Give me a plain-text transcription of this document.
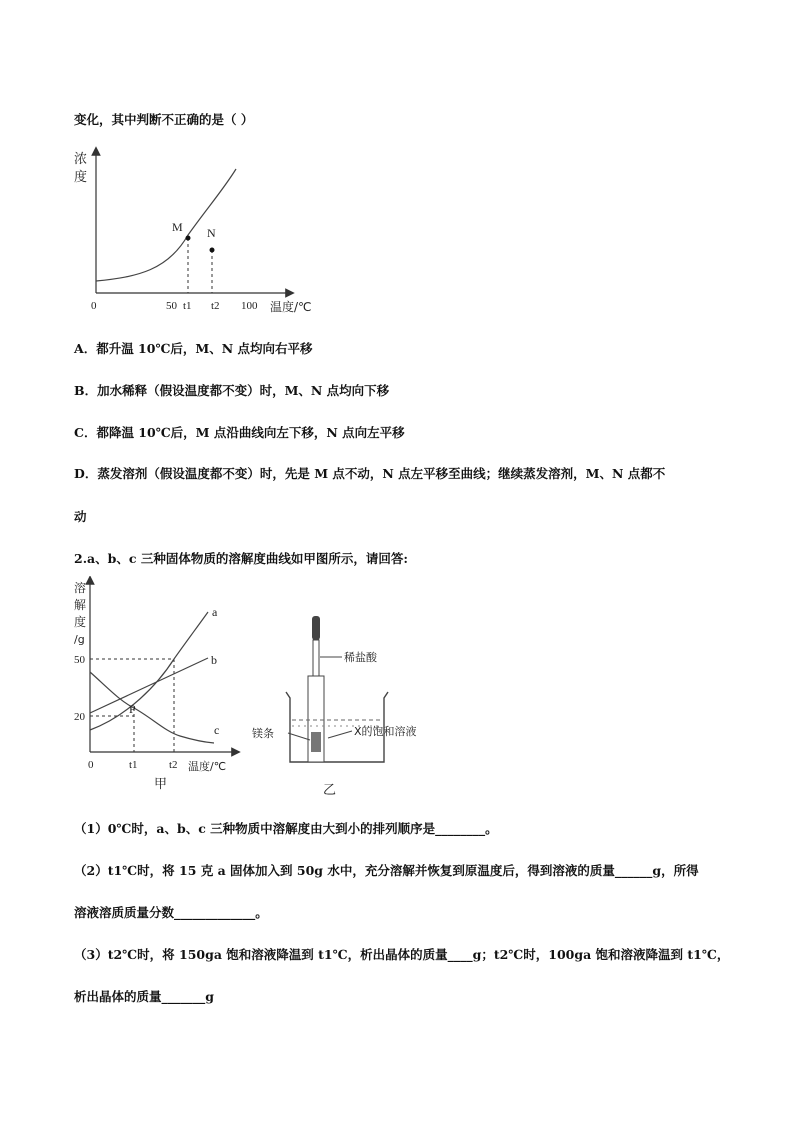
变化，其中判断不正确的是（ ）
浓
度
M N
0	50 t1 t2 100 温度/℃
A．都升温 10℃后，M、N 点均向右平移
B．加水稀释（假设温度都不变）时，M、N 点均向下移
C．都降温 10℃后，M 点沿曲线向左下移，N 点向左平移
D．蒸发溶剂（假设温度都不变）时，先是 M 点不动，N 点左平移至曲线；继续蒸发溶剂，M、N 点都不
动
2.a、b、c 三种固体物质的溶解度曲线如甲图所示，请回答:
溶
解
度
/g
50
20
0	t1	t2 温度/℃
a
b
c
P
甲
稀盐酸
镁条	X的饱和溶液
乙
（1）0℃时，a、b、c 三种物质中溶解度由大到小的排列顺序是________。
（2）t1℃时，将 15 克 a 固体加入到 50g 水中，充分溶解并恢复到原温度后，得到溶液的质量______g，所得
溶液溶质质量分数_____________。
（3）t2℃时，将 150ga 饱和溶液降温到 t1℃，析出晶体的质量____g；t2℃时，100ga 饱和溶液降温到 t1℃，
析出晶体的质量_______g
